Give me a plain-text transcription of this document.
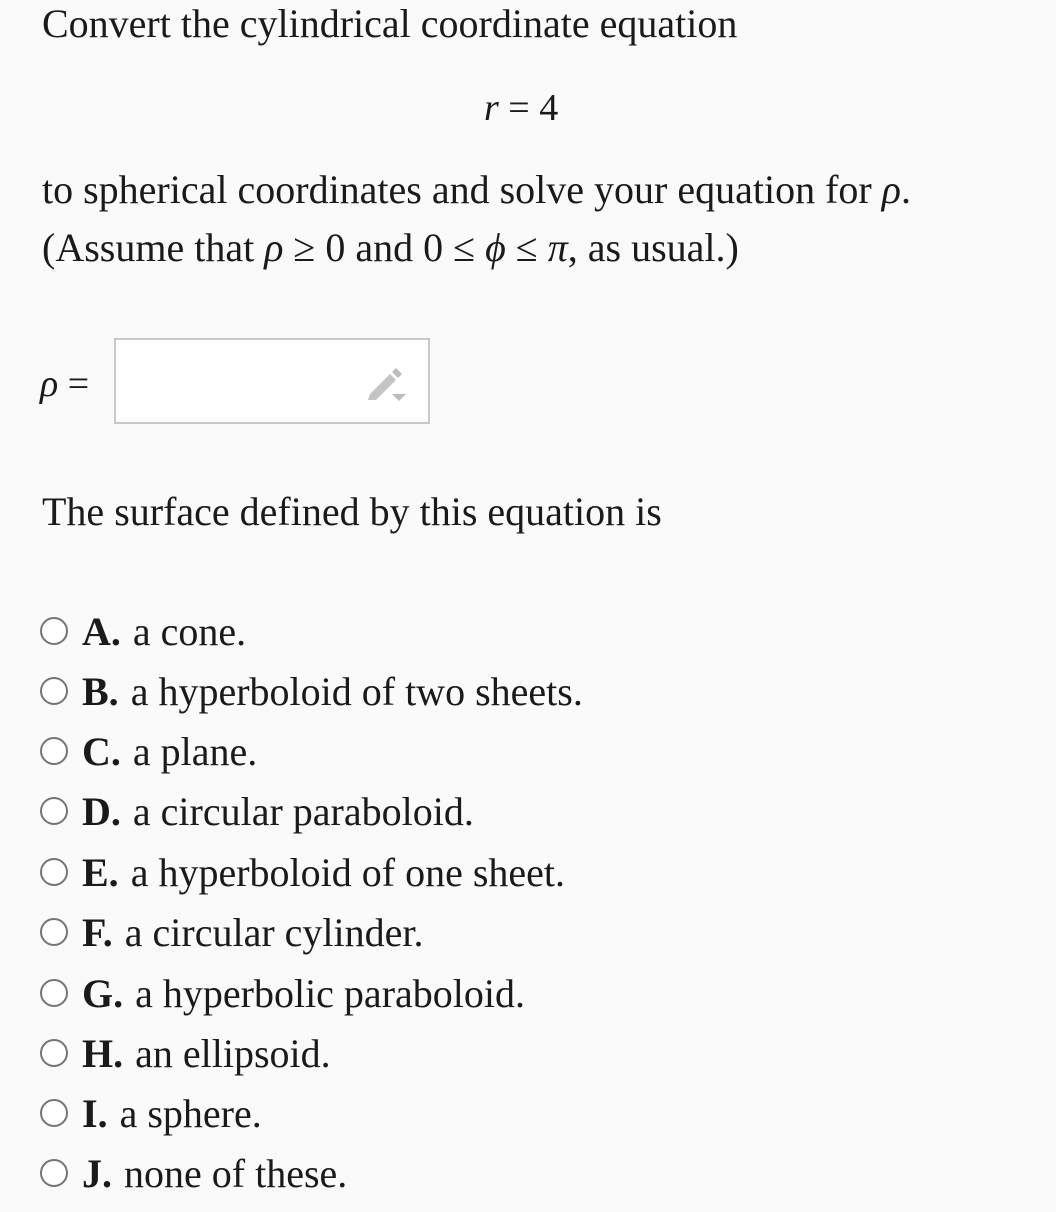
Convert the cylindrical coordinate equation
r = 4
to spherical coordinates and solve your equation for ρ.
(Assume that ρ ≥ 0 and 0 ≤ ϕ ≤ π, as usual.)
ρ =
The surface defined by this equation is
A. a cone.
B. a hyperboloid of two sheets.
C. a plane.
D. a circular paraboloid.
E. a hyperboloid of one sheet.
F. a circular cylinder.
G. a hyperbolic paraboloid.
H. an ellipsoid.
I. a sphere.
J. none of these.
